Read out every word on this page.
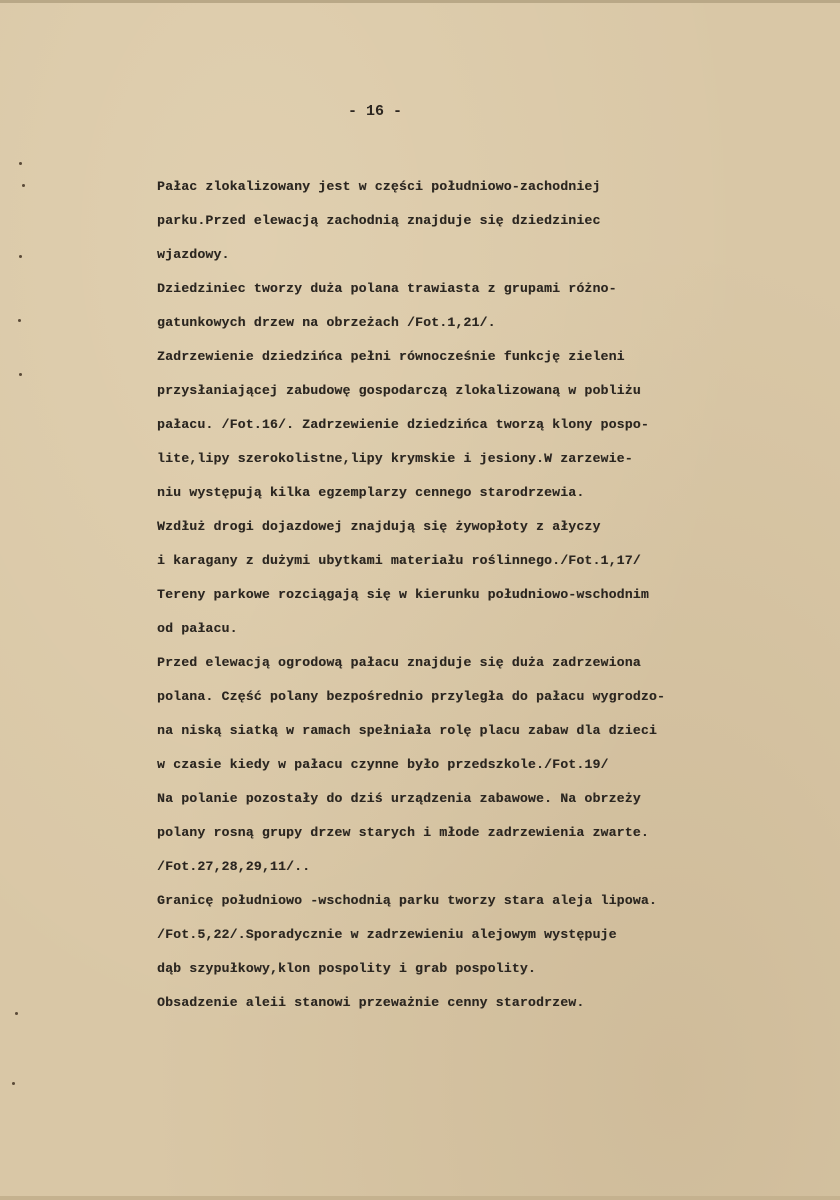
- 16 -
Pałac zlokalizowany jest w części południowo-zachodniej
parku.Przed elewacją zachodnią znajduje się dziedziniec
wjazdowy.
Dziedziniec tworzy duża polana trawiasta z grupami różno-
gatunkowych drzew na obrzeżach /Fot.1,21/.
Zadrzewienie dziedzińca pełni równocześnie funkcję zieleni
przysłaniającej zabudowę gospodarczą zlokalizowaną w pobliżu
pałacu. /Fot.16/. Zadrzewienie dziedzińca tworzą klony pospo-
lite,lipy szerokolistne,lipy krymskie i jesiony.W zarzewie-
niu występują kilka egzemplarzy cennego starodrzewia.
Wzdłuż drogi dojazdowej znajdują się żywopłoty z ałyczy
i karagany z dużymi ubytkami materiału roślinnego./Fot.1,17/
Tereny parkowe rozciągają się w kierunku południowo-wschodnim
od pałacu.
Przed elewacją ogrodową pałacu znajduje się duża zadrzewiona
polana. Część polany bezpośrednio przyległa do pałacu wygrodzo-
na niską siatką w ramach spełniała rolę placu zabaw dla dzieci
w czasie kiedy w pałacu czynne było przedszkole./Fot.19/
Na polanie pozostały do dziś urządzenia zabawowe. Na obrzeży
polany rosną grupy drzew starych i młode zadrzewienia zwarte.
/Fot.27,28,29,11/..
Granicę południowo -wschodnią parku tworzy stara aleja lipowa.
/Fot.5,22/.Sporadycznie w zadrzewieniu alejowym występuje
dąb szypułkowy,klon pospolity i grab pospolity.
Obsadzenie aleii stanowi przeważnie cenny starodrzew.
